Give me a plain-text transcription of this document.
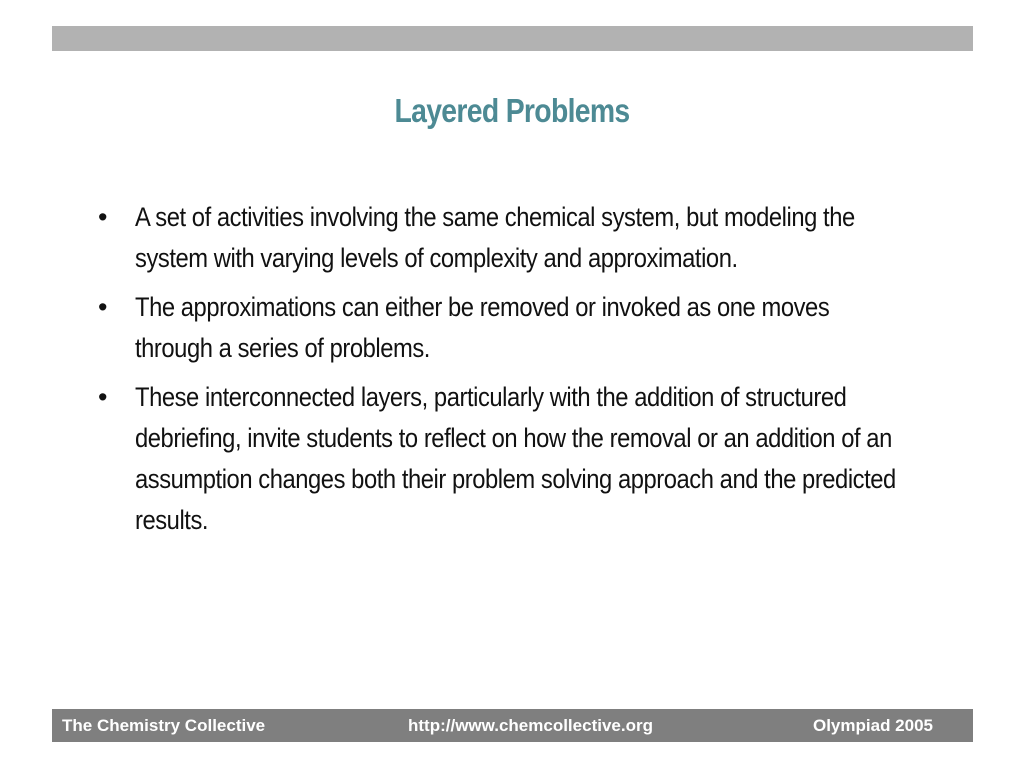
Layered Problems
•	A set of activities involving the same chemical system, but modeling the system with varying levels of complexity and approximation.
•	The approximations can either be removed or invoked as one moves through a series of problems.
•	These interconnected layers, particularly with the addition of structured debriefing, invite students to reflect on how the removal or an addition of an assumption changes both their problem solving approach and the predicted results.
The Chemistry Collective	http://www.chemcollective.org	Olympiad 2005
